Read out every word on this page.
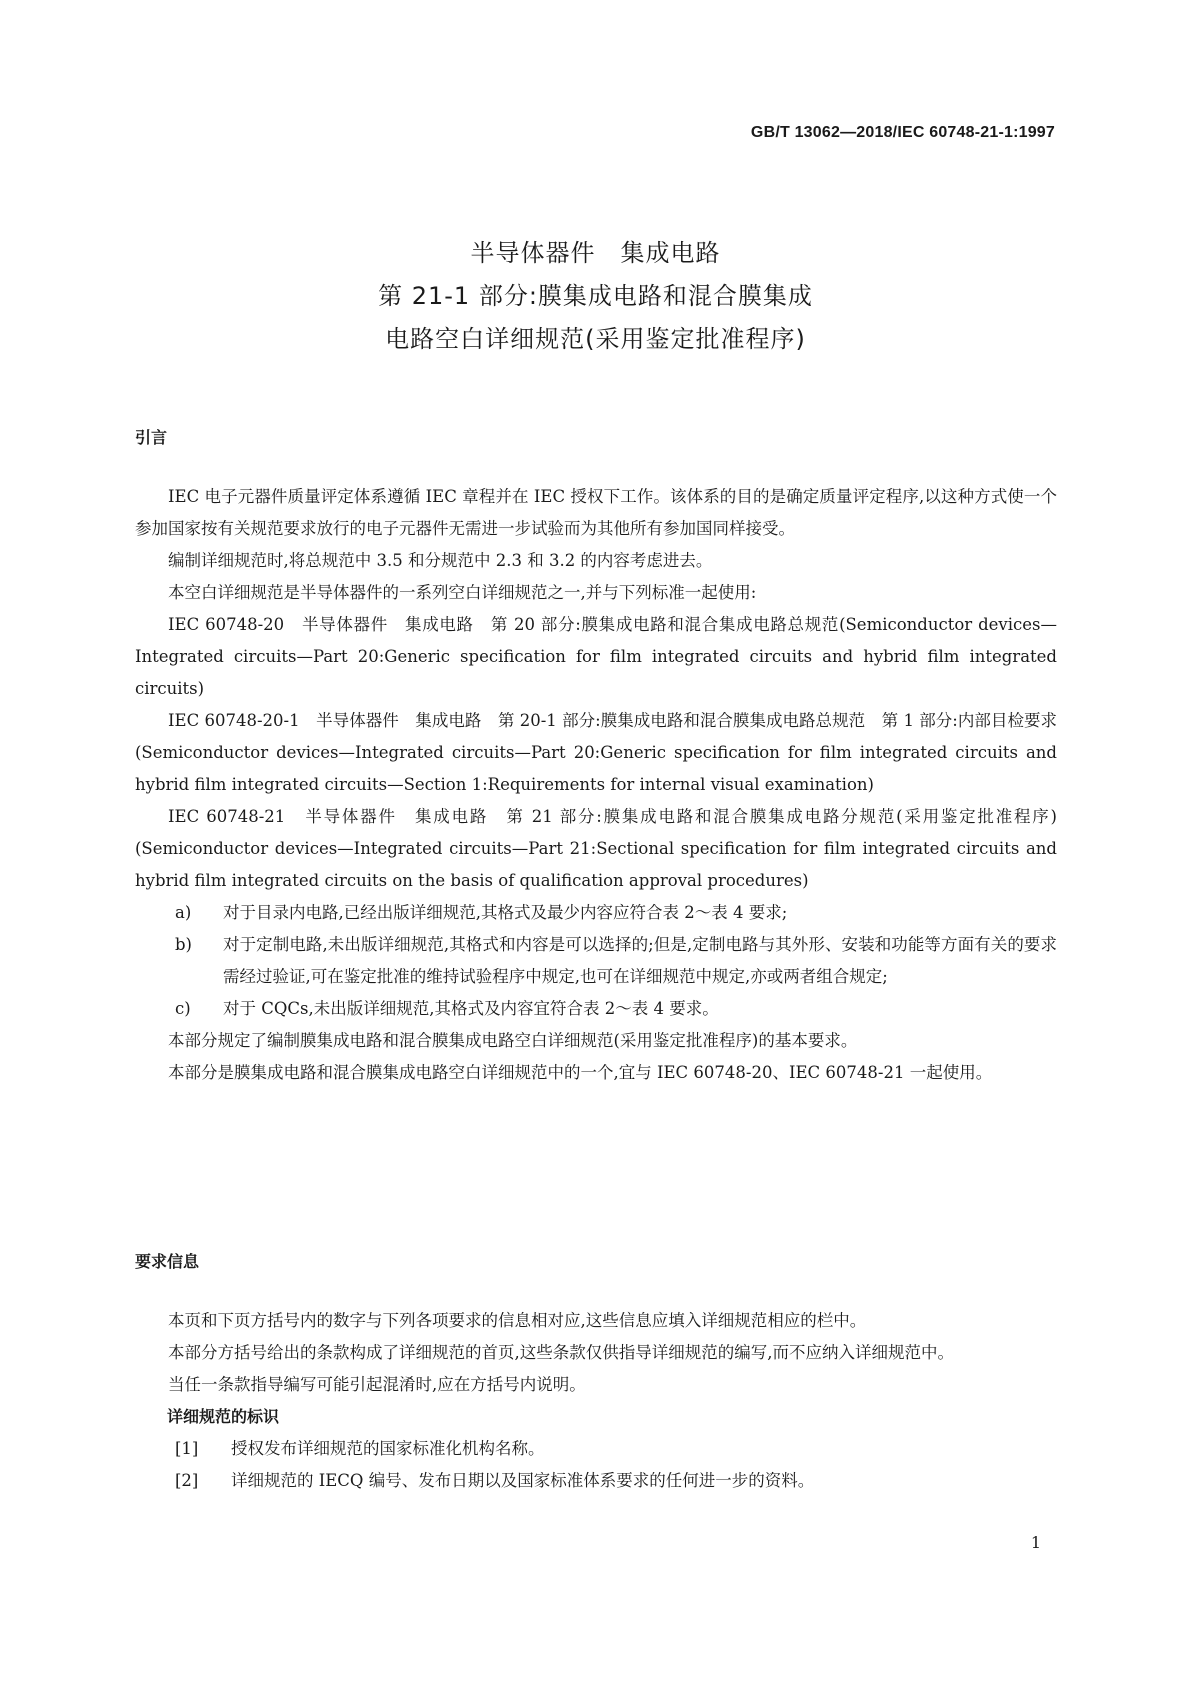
GB/T 13062—2018/IEC 60748-21-1:1997
半导体器件　集成电路
第 21-1 部分:膜集成电路和混合膜集成
电路空白详细规范(采用鉴定批准程序)
引言

IEC 电子元器件质量评定体系遵循 IEC 章程并在 IEC 授权下工作。该体系的目的是确定质量评定程序,以这种方式使一个参加国家按有关规范要求放行的电子元器件无需进一步试验而为其他所有参加国同样接受。

编制详细规范时,将总规范中 3.5 和分规范中 2.3 和 3.2 的内容考虑进去。

本空白详细规范是半导体器件的一系列空白详细规范之一,并与下列标准一起使用:

IEC 60748-20　半导体器件　集成电路　第 20 部分:膜集成电路和混合集成电路总规范(Semiconductor devices—Integrated circuits—Part 20:Generic specification for film integrated circuits and hybrid film integrated circuits)

IEC 60748-20-1　半导体器件　集成电路　第 20-1 部分:膜集成电路和混合膜集成电路总规范　第 1 部分:内部目检要求(Semiconductor devices—Integrated circuits—Part 20:Generic specification for film integrated circuits and hybrid film integrated circuits—Section 1:Requirements for internal visual examination)

IEC 60748-21　半导体器件　集成电路　第 21 部分:膜集成电路和混合膜集成电路分规范(采用鉴定批准程序)(Semiconductor devices—Integrated circuits—Part 21:Sectional specification for film integrated circuits and hybrid film integrated circuits on the basis of qualification approval procedures)

a)	对于目录内电路,已经出版详细规范,其格式及最少内容应符合表 2～表 4 要求;
b)	对于定制电路,未出版详细规范,其格式和内容是可以选择的;但是,定制电路与其外形、安装和功能等方面有关的要求需经过验证,可在鉴定批准的维持试验程序中规定,也可在详细规范中规定,亦或两者组合规定;
c)	对于 CQCs,未出版详细规范,其格式及内容宜符合表 2～表 4 要求。

本部分规定了编制膜集成电路和混合膜集成电路空白详细规范(采用鉴定批准程序)的基本要求。

本部分是膜集成电路和混合膜集成电路空白详细规范中的一个,宜与 IEC 60748-20、IEC 60748-21 一起使用。

要求信息

本页和下页方括号内的数字与下列各项要求的信息相对应,这些信息应填入详细规范相应的栏中。

本部分方括号给出的条款构成了详细规范的首页,这些条款仅供指导详细规范的编写,而不应纳入详细规范中。

当任一条款指导编写可能引起混淆时,应在方括号内说明。

详细规范的标识
[1]	授权发布详细规范的国家标准化机构名称。
[2]	详细规范的 IECQ 编号、发布日期以及国家标准体系要求的任何进一步的资料。
1
